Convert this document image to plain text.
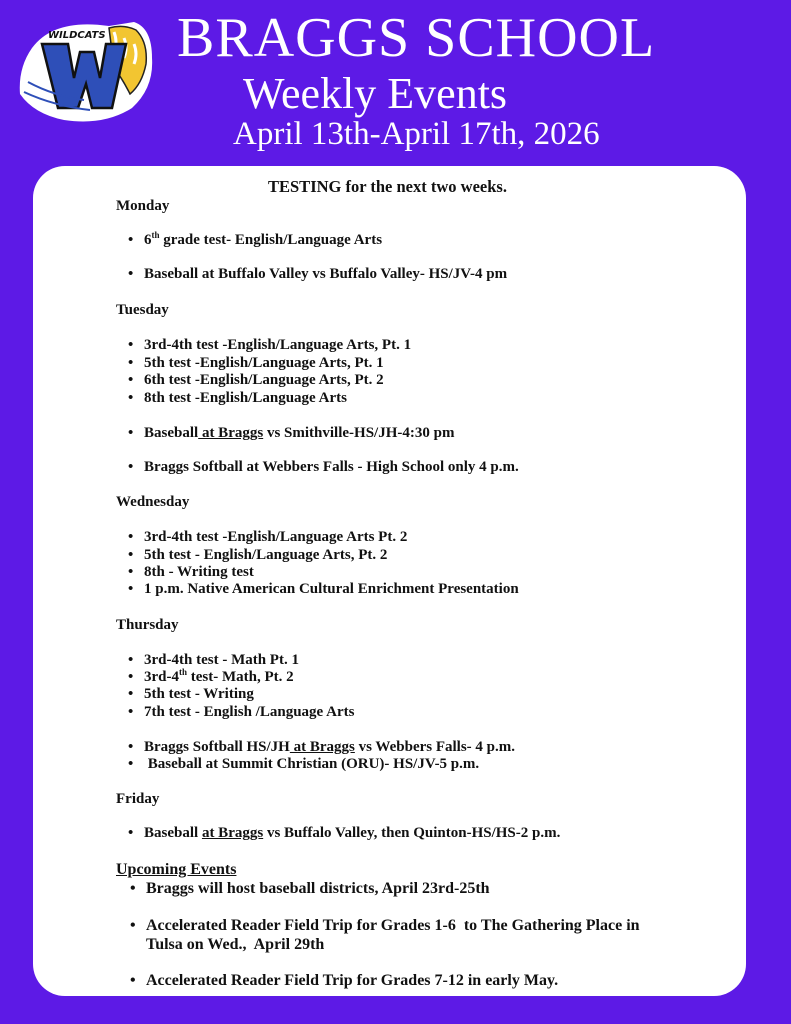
WILDCATS BRAGGS SCHOOL
Weekly Events
April 13th-April 17th, 2026
TESTING for the next two weeks.
Monday
• 6th grade test- English/Language Arts
• Baseball at Buffalo Valley vs Buffalo Valley- HS/JV-4 pm
Tuesday
• 3rd-4th test -English/Language Arts, Pt. 1
• 5th test -English/Language Arts, Pt. 1
• 6th test -English/Language Arts, Pt. 2
• 8th test -English/Language Arts
• Baseball at Braggs vs Smithville-HS/JH-4:30 pm
• Braggs Softball at Webbers Falls - High School only 4 p.m.
Wednesday
• 3rd-4th test -English/Language Arts Pt. 2
• 5th test - English/Language Arts, Pt. 2
• 8th - Writing test
• 1 p.m. Native American Cultural Enrichment Presentation
Thursday
• 3rd-4th test - Math Pt. 1
• 3rd-4th test- Math, Pt. 2
• 5th test - Writing
• 7th test - English /Language Arts
• Braggs Softball HS/JH at Braggs vs Webbers Falls- 4 p.m.
• Baseball at Summit Christian (ORU)- HS/JV-5 p.m.
Friday
• Baseball at Braggs vs Buffalo Valley, then Quinton-HS/HS-2 p.m.
Upcoming Events
• Braggs will host baseball districts, April 23rd-25th
• Accelerated Reader Field Trip for Grades 1-6  to The Gathering Place in
Tulsa on Wed.,  April 29th
• Accelerated Reader Field Trip for Grades 7-12 in early May.
